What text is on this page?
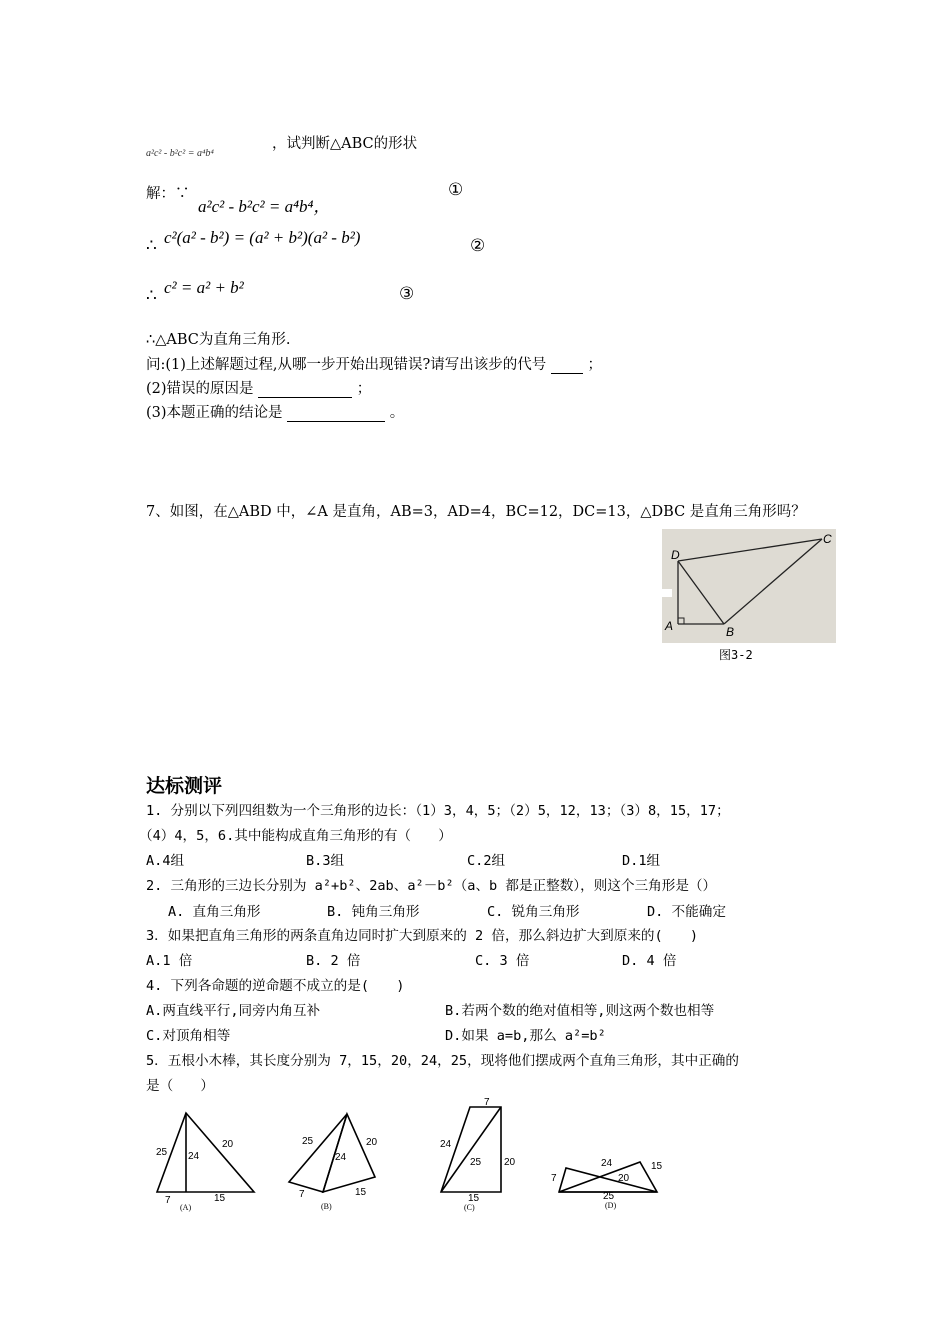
a²c² - b²c² = a⁴b⁴
，试判断△ABC的形状
解：∵
a²c² - b²c² = a⁴b⁴，
①
∴ c²(a² - b²) = (a² + b²)(a² - b²)	②
∴ c² = a² + b²	③
∴△ABC为直角三角形.
问:(1)上述解题过程,从哪一步开始出现错误?请写出该步的代号	；
(2)错误的原因是	；
(3)本题正确的结论是	。
7、如图，在△ABD 中，∠A 是直角，AB=3，AD=4，BC=12，DC=13，△DBC 是直角三角形吗？
C
D
A	B
图3-2
达标测评
1. 分别以下列四组数为一个三角形的边长：（1）3，4，5；（2）5，12，13；（3）8，15，17；
（4）4，5，6.其中能构成直角三角形的有（　　）
A.4组	B.3组	C.2组	D.1组
2. 三角形的三边长分别为 a²+b²、2ab、a²－b²（a、b 都是正整数），则这个三角形是（）
A. 直角三角形	B. 钝角三角形	C. 锐角三角形	D. 不能确定
3．如果把直角三角形的两条直角边同时扩大到原来的 2 倍，那么斜边扩大到原来的(　　)
A.1 倍	B. 2 倍	C. 3 倍	D. 4 倍
4. 下列各命题的逆命题不成立的是(　　)
A.两直线平行,同旁内角互补	B.若两个数的绝对值相等,则这两个数也相等
C.对顶角相等	D.如果 a=b,那么 a²=b²
5．五根小木棒，其长度分别为 7，15，20，24，25，现将他们摆成两个直角三角形，其中正确的
是（　　）
25 24
20
7	15
(A)
25
24
20
7	15
(B)
7
24
25 20
15
(C)
7
24	15
20
25
(D)
